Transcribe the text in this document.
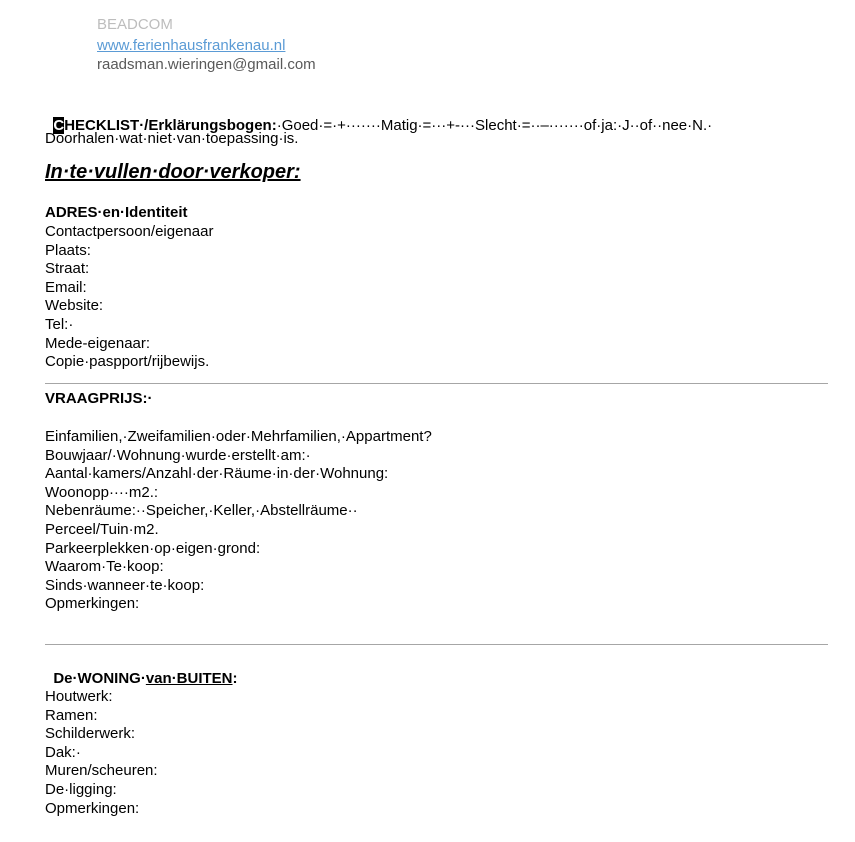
BEADCOM
www.ferienhausfrankenau.nl
raadsman.wieringen@gmail.com

CHECKLIST·/Erklärungsbogen:·Goed·=·+·······Matig·=···+-···Slecht·=··–·······of·ja:·J··of··nee·N.·

Doorhalen·wat·niet·van·toepassing·is.
In·te·vullen·door·verkoper:
ADRES·en·Identiteit
Contactpersoon/eigenaar
Plaats:
Straat:
Email:
Website:
Tel:·
Mede-eigenaar:
Copie·paspport/rijbewijs.
VRAAGPRIJS:·
Einfamilien,·Zweifamilien·oder·Mehrfamilien,·Appartment?
Bouwjaar/·Wohnung·wurde·erstellt·am:·
Aantal·kamers/Anzahl·der·Räume·in·der·Wohnung:
Woonopp····m2.:
Nebenräume:··Speicher,·Keller,·Abstellräume··
Perceel/Tuin·m2.
Parkeerplekken·op·eigen·grond:
Waarom·Te·koop:
Sinds·wanneer·te·koop:
Opmerkingen:

De·WONING·van·BUITEN:

Houtwerk:
Ramen:
Schilderwerk:
Dak:·
Muren/scheuren:
De·ligging:
Opmerkingen:
